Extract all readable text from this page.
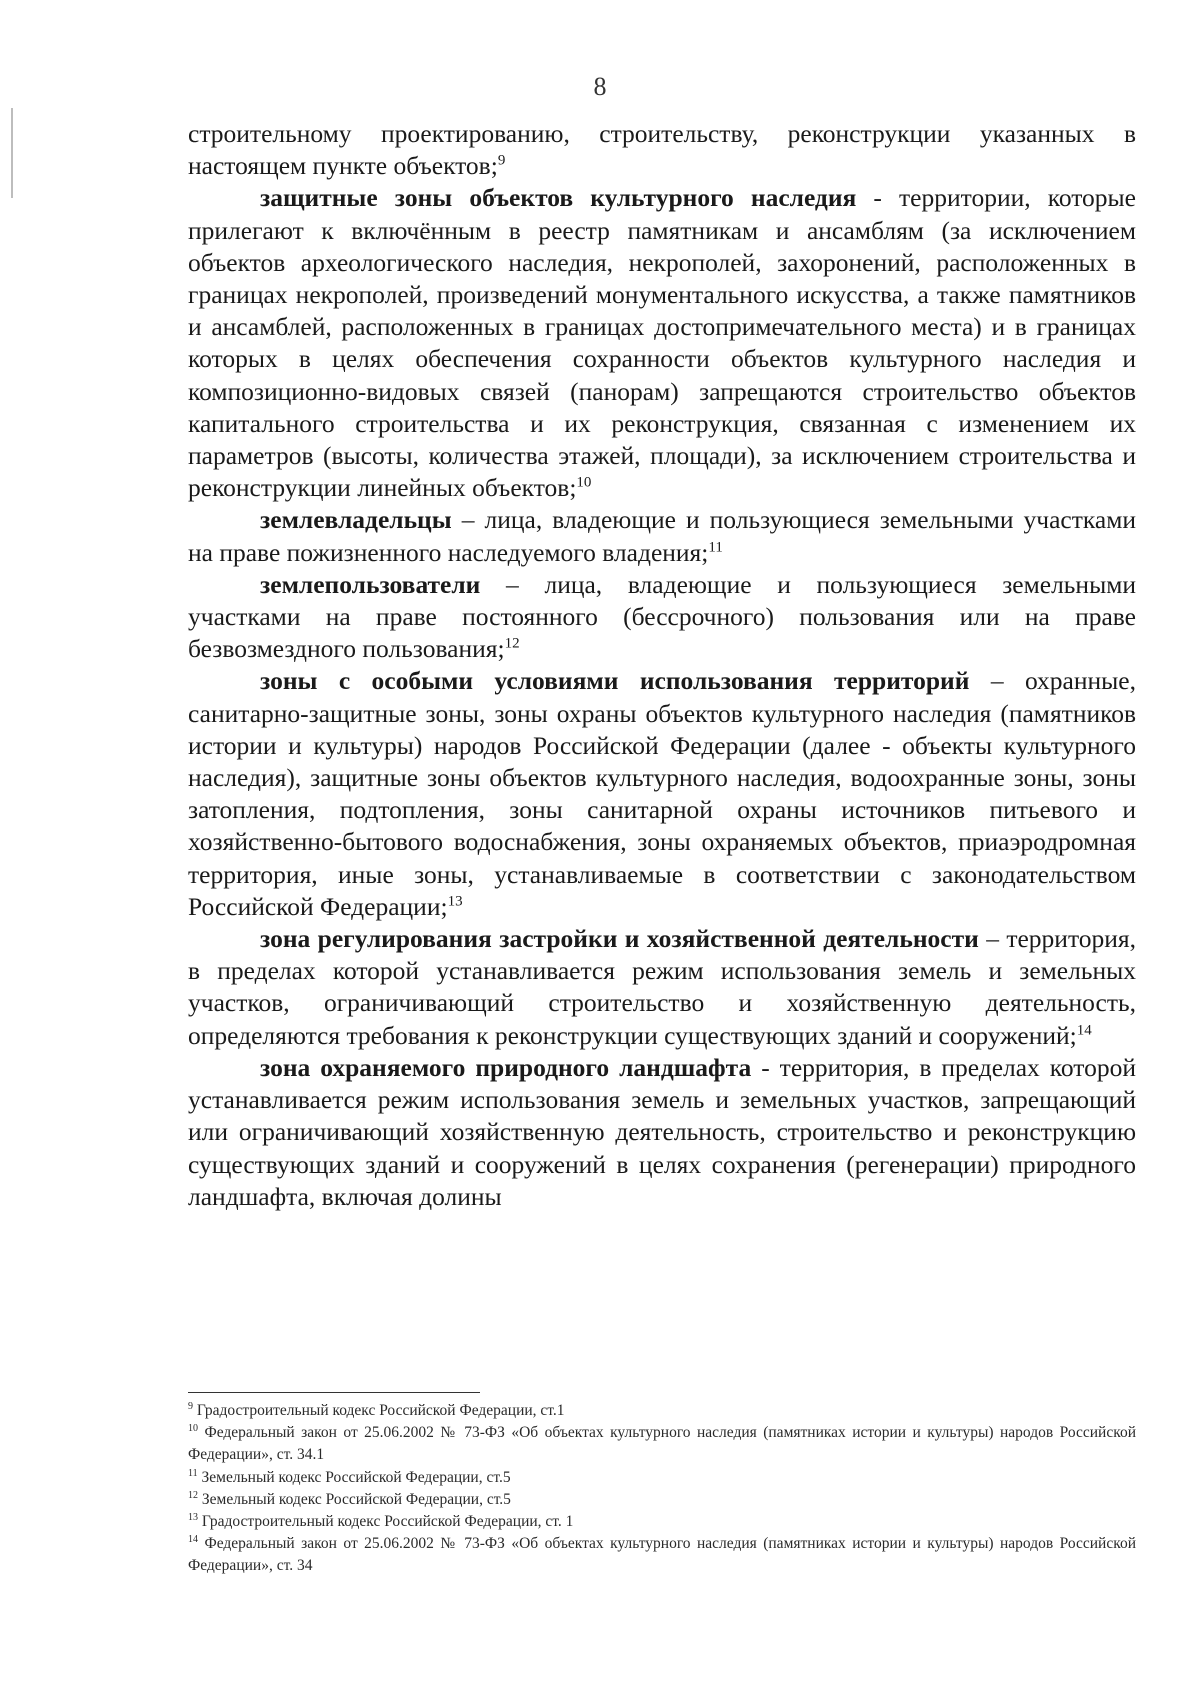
8

строительному проектированию, строительству, реконструкции указанных в настоящем пункте объектов;$^9$

защитные зоны объектов культурного наследия - территории, которые прилегают к включённым в реестр памятникам и ансамблям (за исключением объектов археологического наследия, некрополей, захоронений, расположенных в границах некрополей, произведений монументального искусства, а также памятников и ансамблей, расположенных в границах достопримечательного места) и в границах которых в целях обеспечения сохранности объектов культурного наследия и композиционно-видовых связей (панорам) запрещаются строительство объектов капитального строительства и их реконструкция, связанная с изменением их параметров (высоты, количества этажей, площади), за исключением строительства и реконструкции линейных объектов;$^{10}$

землевладельцы – лица, владеющие и пользующиеся земельными участками на праве пожизненного наследуемого владения;$^{11}$

землепользователи – лица, владеющие и пользующиеся земельными участками на праве постоянного (бессрочного) пользования или на праве безвозмездного пользования;$^{12}$

зоны с особыми условиями использования территорий – охранные, санитарно-защитные зоны, зоны охраны объектов культурного наследия (памятников истории и культуры) народов Российской Федерации (далее - объекты культурного наследия), защитные зоны объектов культурного наследия, водоохранные зоны, зоны затопления, подтопления, зоны санитарной охраны источников питьевого и хозяйственно-бытового водоснабжения, зоны охраняемых объектов, приаэродромная территория, иные зоны, устанавливаемые в соответствии с законодательством Российской Федерации;$^{13}$

зона регулирования застройки и хозяйственной деятельности – территория, в пределах которой устанавливается режим использования земель и земельных участков, ограничивающий строительство и хозяйственную деятельность, определяются требования к реконструкции существующих зданий и сооружений;$^{14}$

зона охраняемого природного ландшафта - территория, в пределах которой устанавливается режим использования земель и земельных участков, запрещающий или ограничивающий хозяйственную деятельность, строительство и реконструкцию существующих зданий и сооружений в целях сохранения (регенерации) природного ландшафта, включая долины

$^9$ Градостроительный кодекс Российской Федерации, ст.1

$^{10}$ Федеральный закон от 25.06.2002 № 73-ФЗ «Об объектах культурного наследия (памятниках истории и культуры) народов Российской Федерации», ст. 34.1

$^{11}$ Земельный кодекс Российской Федерации, ст.5

$^{12}$ Земельный кодекс Российской Федерации, ст.5

$^{13}$ Градостроительный кодекс Российской Федерации, ст. 1

$^{14}$ Федеральный закон от 25.06.2002 № 73-ФЗ «Об объектах культурного наследия (памятниках истории и культуры) народов Российской Федерации», ст. 34
